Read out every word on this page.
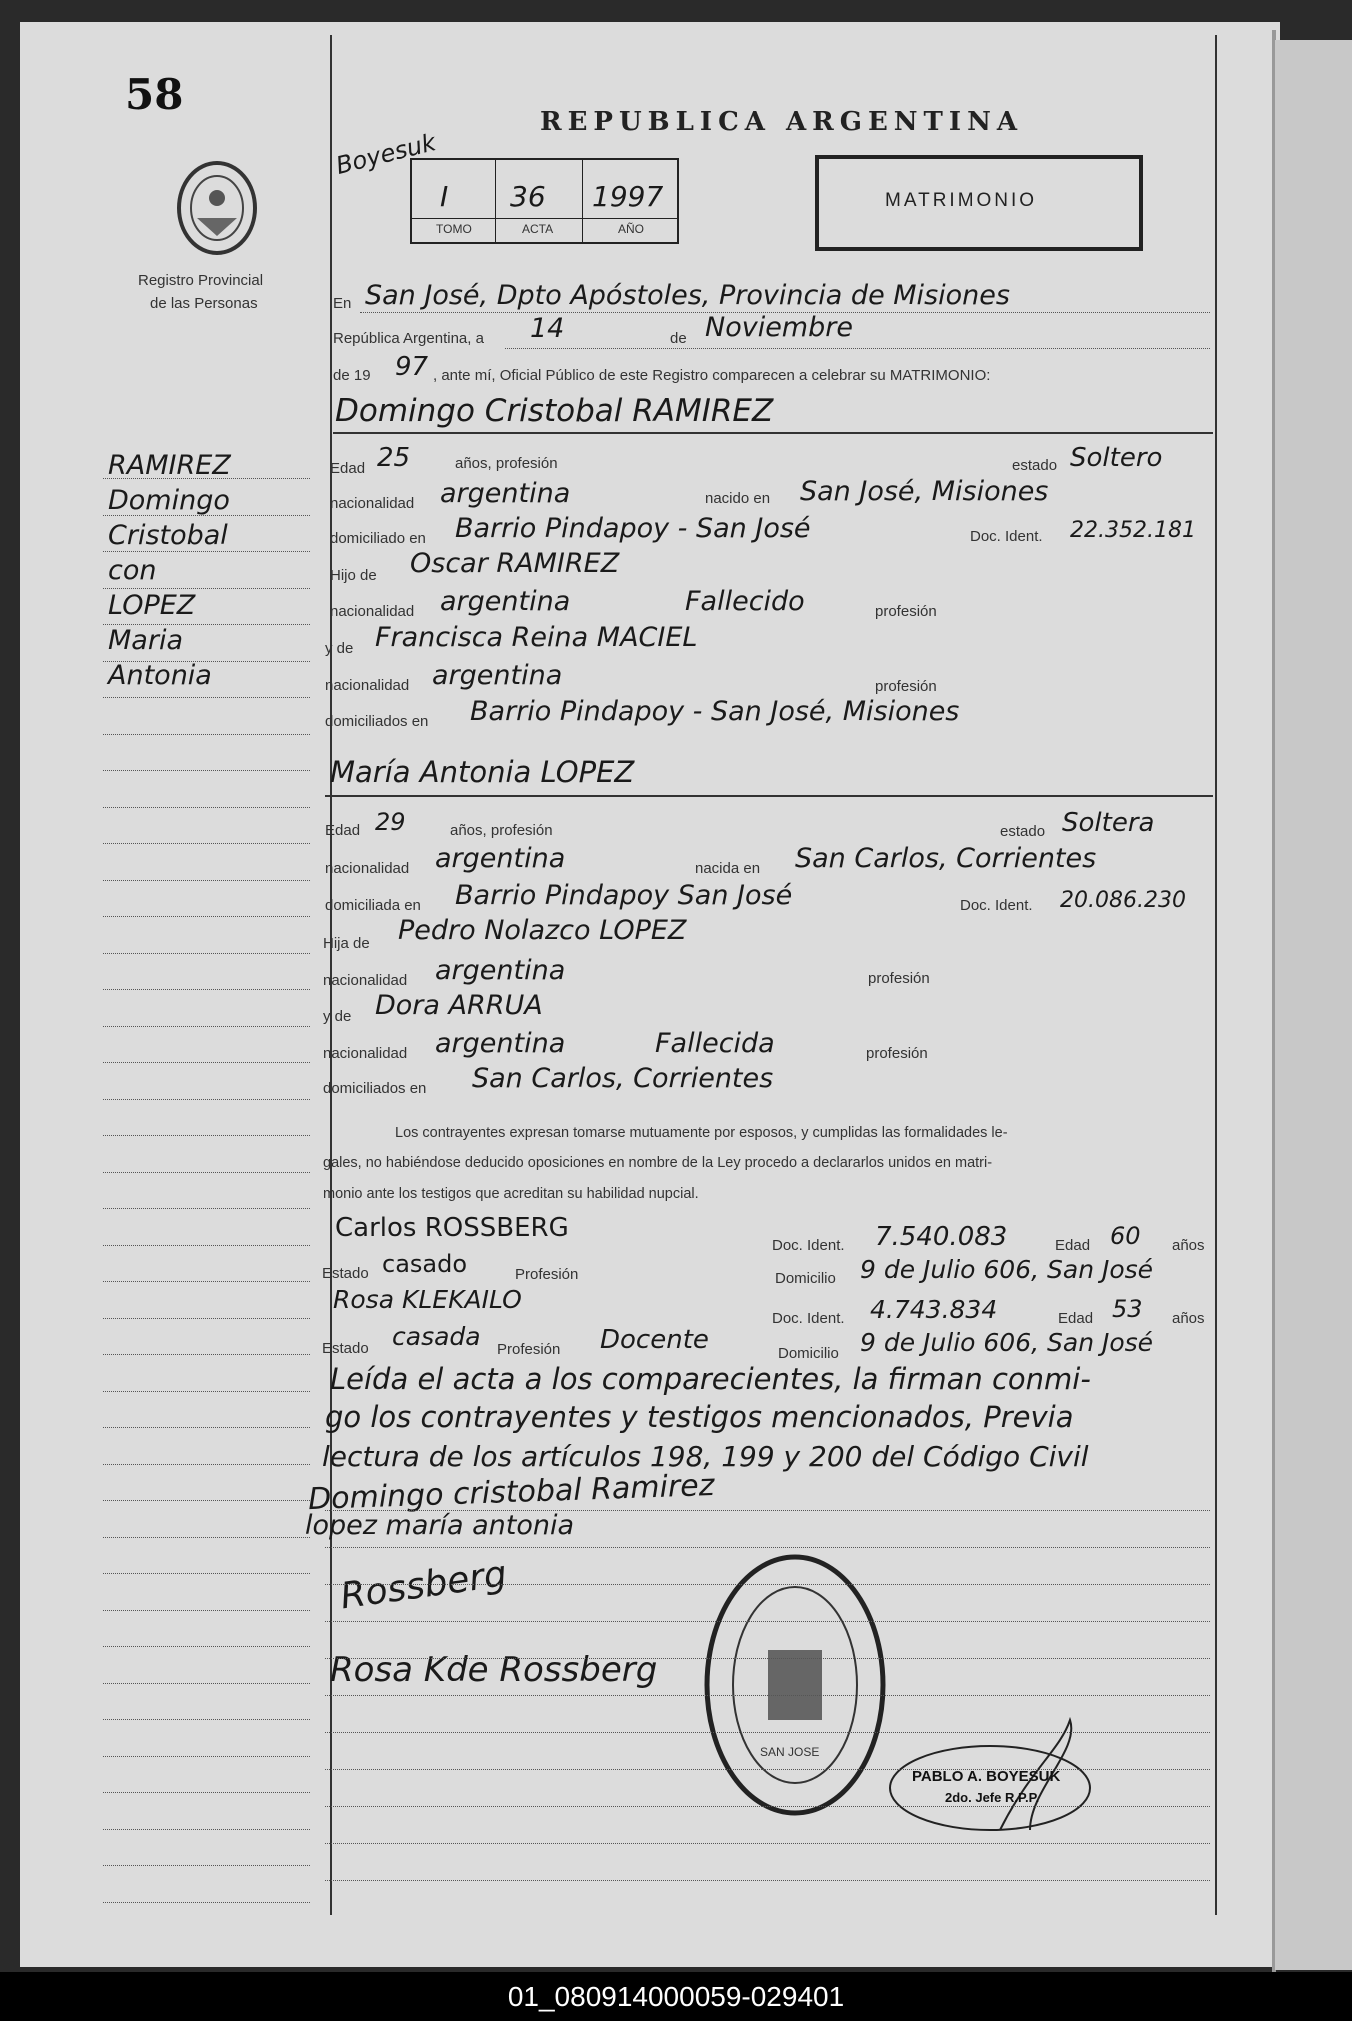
58
Registro Provincial
de las Personas
Boyesuk
REPUBLICA ARGENTINA
I 36 1997
TOMO	ACTA	AÑO
MATRIMONIO
RAMIREZ
Domingo
Cristobal
con
LOPEZ
Maria
Antonia
En San José, Dpto Apóstoles, Provincia de Misiones
República Argentina, a 14	de Noviembre
de 19 97 , ante mí, Oficial Público de este Registro comparecen a celebrar su MATRIMONIO:
Domingo Cristobal RAMIREZ
Edad 25	años, profesión	estado Soltero
nacionalidad argentina	nacido en San José, Misiones
domiciliado en Barrio Pindapoy - San José	Doc. Ident. 22.352.181
Hijo de Oscar RAMIREZ
nacionalidad argentina	Fallecido	profesión
y de Francisca Reina MACIEL
nacionalidad argentina	profesión
domiciliados en Barrio Pindapoy - San José, Misiones
María Antonia LOPEZ
Edad 29	años, profesión	estado Soltera
nacionalidad argentina	nacida en San Carlos, Corrientes
domiciliada en Barrio Pindapoy San José	Doc. Ident. 20.086.230
Hija de Pedro Nolazco LOPEZ
nacionalidad argentina	profesión
y de Dora ARRUA
nacionalidad argentina	Fallecida	profesión
domiciliados en San Carlos, Corrientes
Los contrayentes expresan tomarse mutuamente por esposos, y cumplidas las formalidades le-
gales, no habiéndose deducido oposiciones en nombre de la Ley procedo a declararlos unidos en matri-
monio ante los testigos que acreditan su habilidad nupcial.
Carlos ROSSBERG
Doc. Ident. 7.540.083	Edad 60 años
Estado casado	Profesión	Domicilio 9 de Julio 606, San José
Rosa KLEKAILO
Doc. Ident. 4.743.834	Edad 53 años
Estado casada Profesión Docente	Domicilio 9 de Julio 606, San José
Leída el acta a los comparecientes, la firman conmi-
go los contrayentes y testigos mencionados, Previa
lectura de los artículos 198, 199 y 200 del Código Civil
Domingo cristobal Ramirez
lopez maría antonia
Rossberg
Rosa Kde Rossberg
SAN JOSE
PABLO A. BOYESUK
2do. Jefe R.P.P.
01_080914000059-029401
